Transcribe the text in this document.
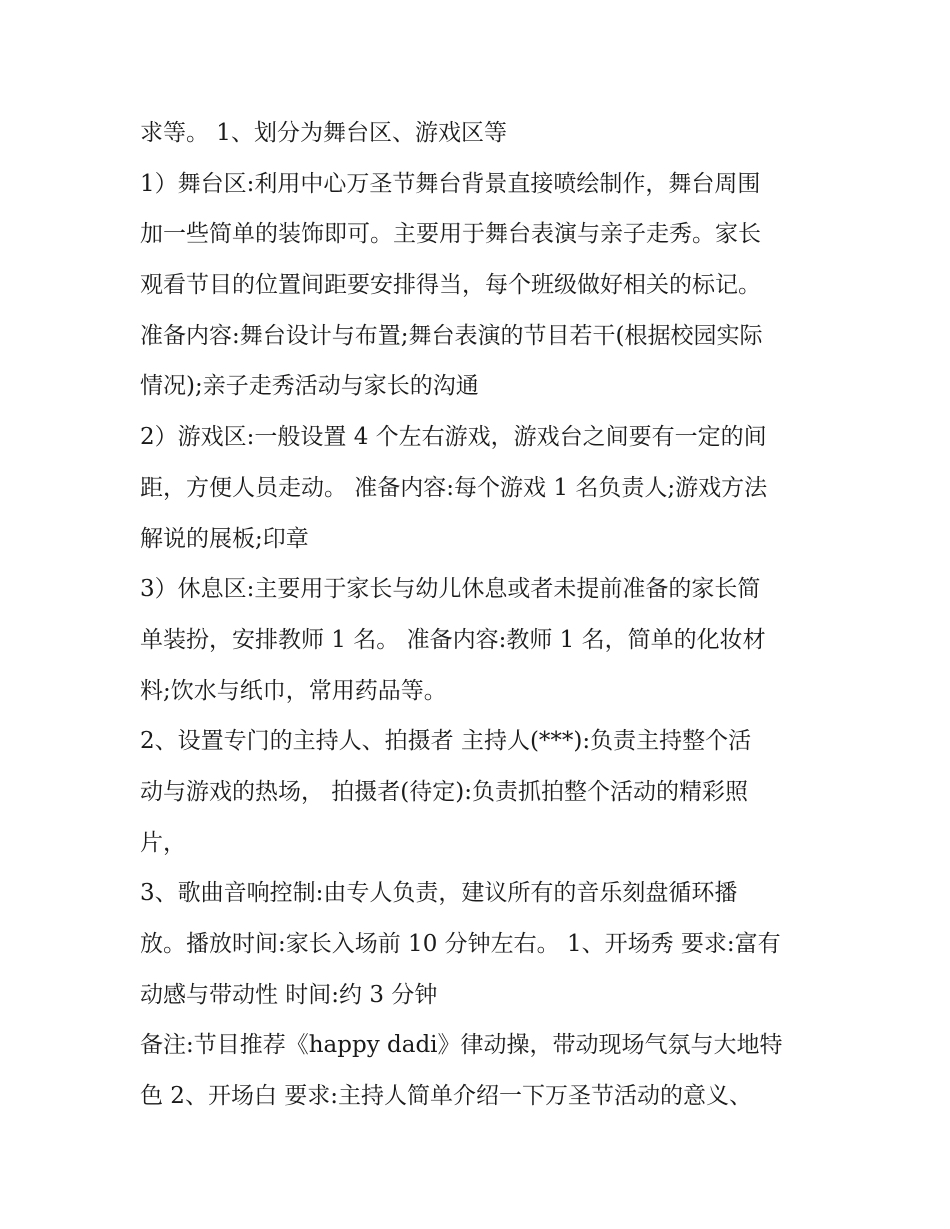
求等。 1、划分为舞台区、游戏区等
1）舞台区:利用中心万圣节舞台背景直接喷绘制作，舞台周围
加一些简单的装饰即可。主要用于舞台表演与亲子走秀。家长
观看节目的位置间距要安排得当，每个班级做好相关的标记。
准备内容:舞台设计与布置;舞台表演的节目若干(根据校园实际
情况);亲子走秀活动与家长的沟通
2）游戏区:一般设置 4 个左右游戏，游戏台之间要有一定的间
距，方便人员走动。 准备内容:每个游戏 1 名负责人;游戏方法
解说的展板;印章
3）休息区:主要用于家长与幼儿休息或者未提前准备的家长简
单装扮，安排教师 1 名。 准备内容:教师 1 名，简单的化妆材
料;饮水与纸巾，常用药品等。
2、设置专门的主持人、拍摄者 主持人(***):负责主持整个活
动与游戏的热场， 拍摄者(待定):负责抓拍整个活动的精彩照
片，
3、歌曲音响控制:由专人负责，建议所有的音乐刻盘循环播
放。播放时间:家长入场前 10 分钟左右。 1、开场秀 要求:富有
动感与带动性 时间:约 3 分钟
备注:节目推荐《happy dadi》律动操，带动现场气氛与大地特
色 2、开场白 要求:主持人简单介绍一下万圣节活动的意义、
